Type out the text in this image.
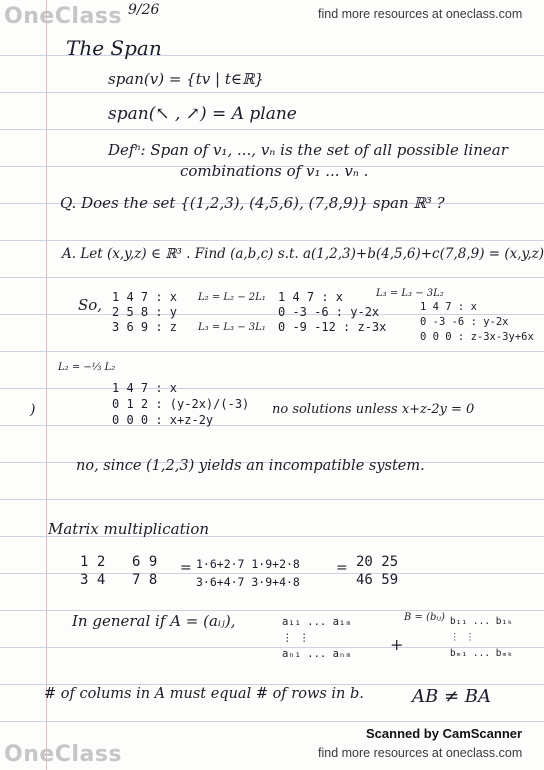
OneClass	find more resources at oneclass.com
9/26
The Span
span(v) = {tv | t∈ℝ}
span(↖ , ↗) = A plane
Defⁿ: Span of v₁, ..., vₙ is the set of all possible linear
combinations of v₁ ... vₙ .
Q. Does the set {(1,2,3), (4,5,6), (7,8,9)} span ℝ³ ?
A. Let (x,y,z) ∈ ℝ³ . Find (a,b,c) s.t. a(1,2,3)+b(4,5,6)+c(7,8,9) = (x,y,z)
So, 1 4 7 : x
2 5 8 : y
3 6 9 : z
L₂ = L₂ − 2L₁
L₃ = L₃ − 3L₁
1 4 7 : x
0 -3 -6 : y-2x
0 -9 -12 : z-3x
L₃ = L₃ − 3L₂
1 4 7 : x
0 -3 -6 : y-2x
0 0 0 : z-3x-3y+6x
L₂ = −⅓ L₂
1 4 7 : x
0 1 2 : (y-2x)/(-3)
0 0 0 : x+z-2y
no solutions unless x+z-2y = 0
)
no, since (1,2,3) yields an incompatible system.
Matrix multiplication
1 2
3 4
6 9
7 8
= 1·6+2·7 1·9+2·8
3·6+4·7 3·9+4·8
= 20 25
46 59
In general if A = (aᵢⱼ),	a₁₁ ... a₁ₘ
⋮ ⋮
aₙ₁ ... aₙₘ +
B = (bᵢⱼ) b₁₁ ... b₁ₖ
⋮ ⋮
bₘ₁ ... bₘₖ
# of colums in A must equal # of rows in b.	AB ≠ BA
OneClass	find more resources at oneclass.com
Scanned by CamScanner
